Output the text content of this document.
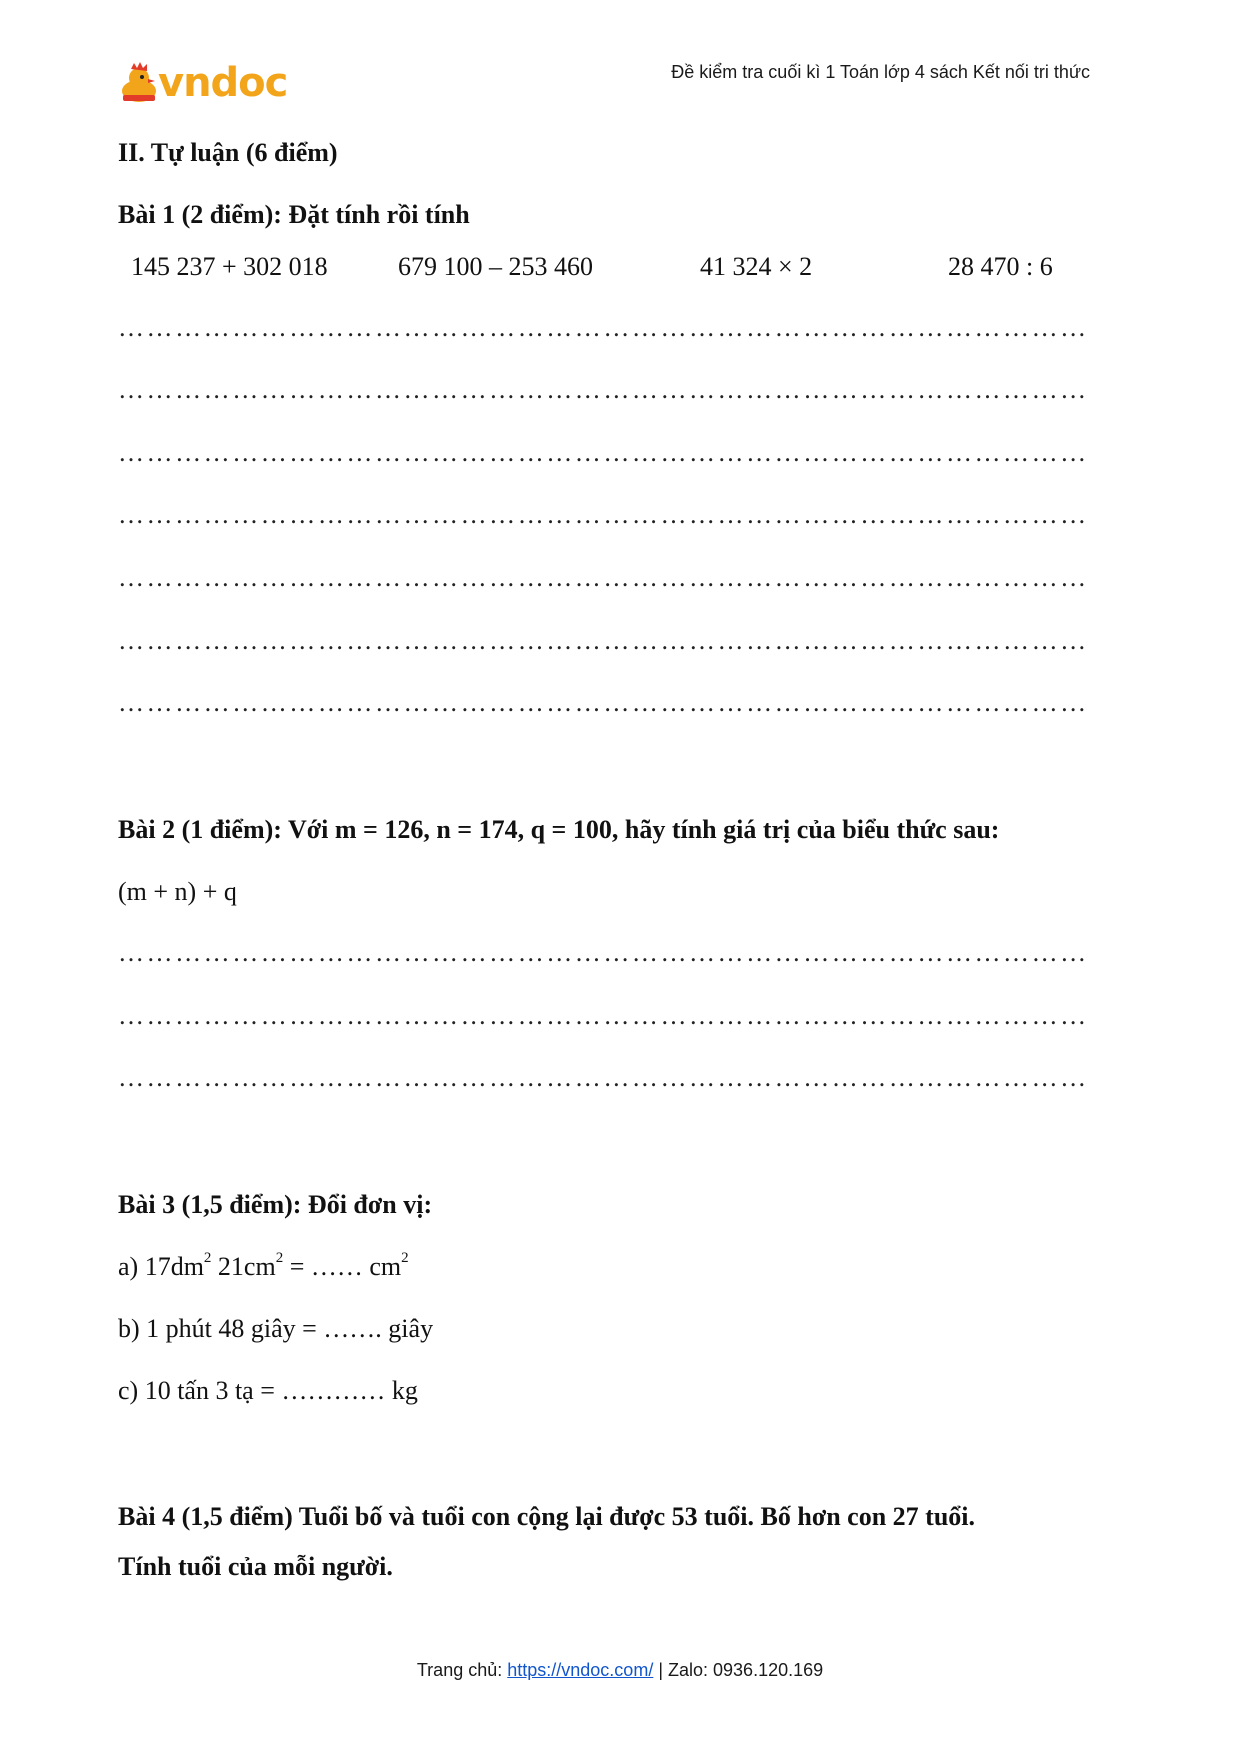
vndoc	Đề kiểm tra cuối kì 1 Toán lớp 4 sách Kết nối tri thức
II. Tự luận (6 điểm)
Bài 1 (2 điểm): Đặt tính rồi tính
145 237 + 302 018	679 100 – 253 460	41 324 × 2	28 470 : 6
…………………………………………………………………………………………
…………………………………………………………………………………………
…………………………………………………………………………………………
…………………………………………………………………………………………
…………………………………………………………………………………………
…………………………………………………………………………………………
…………………………………………………………………………………………
Bài 2 (1 điểm): Với m = 126, n = 174, q = 100, hãy tính giá trị của biểu thức sau:
(m + n) + q
…………………………………………………………………………………………
…………………………………………………………………………………………
…………………………………………………………………………………………
Bài 3 (1,5 điểm): Đổi đơn vị:
a) $17dm^2$ $21cm^2$ = …… $cm^2$
b) 1 phút 48 giây = ……. giây
c) 10 tấn 3 tạ = ………… kg
Bài 4 (1,5 điểm) Tuổi bố và tuổi con cộng lại được 53 tuổi. Bố hơn con 27 tuổi.
Tính tuổi của mỗi người.
Trang chủ: https://vndoc.com/ | Zalo: 0936.120.169
